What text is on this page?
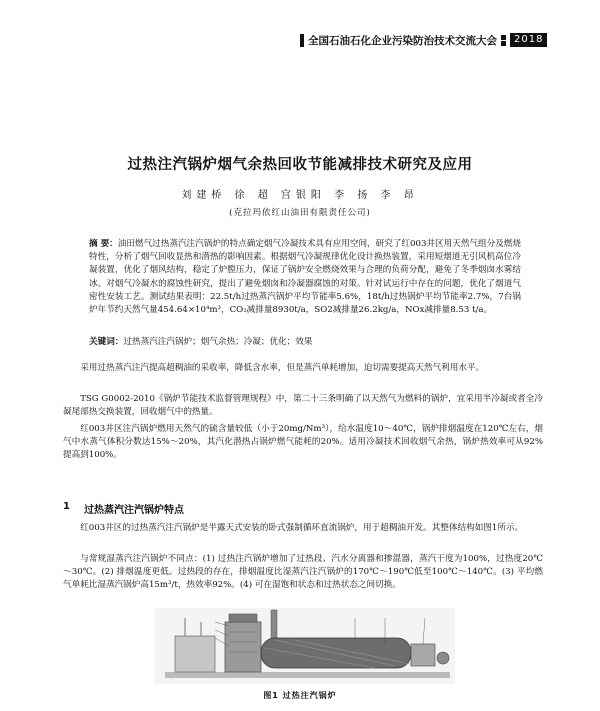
全国石油石化企业污染防治技术交流大会	2018
过热注汽锅炉烟气余热回收节能减排技术研究及应用
刘建桥 徐 超 宫银阳 李 扬 李 昂
(克拉玛依红山油田有限责任公司)
摘 要：油田燃气过热蒸汽注汽锅炉的特点确定烟气冷凝技术具有应用空间，研究了红003井区用天然气组分及燃烧特性，分析了烟气回收显热和潜热的影响因素。根据烟气冷凝规律优化设计换热装置，采用短烟道无引风机高位冷凝装置，优化了烟风结构，稳定了炉膛压力，保证了锅炉安全燃烧效果与合理的负荷分配，避免了冬季烟囱水雾结冰。对烟气冷凝水的腐蚀性研究，提出了避免烟囱和冷凝器腐蚀的对策。针对试运行中存在的问题，优化了烟道气密性安装工艺。测试结果表明：22.5t/h过热蒸汽锅炉平均节能率5.6%，18t/h过热锅炉平均节能率2.7%，7台锅炉年节约天然气量454.64×10⁴m³，CO₂减排量8930t/a，SO2减排量26.2kg/a，NOx减排量8.53 t/a。
关键词：过热蒸汽注汽锅炉；烟气余热；冷凝；优化；效果
采用过热蒸汽注汽提高超稠油的采收率，降低含水率，但是蒸汽单耗增加，迫切需要提高天然气利用水平。
TSG G0002-2010《锅炉节能技术监督管理规程》中，第二十三条明确了以天然气为燃料的锅炉，宜采用半冷凝或者全冷凝尾部热交换装置，回收烟气中的热量。
红003井区注汽锅炉燃用天然气的硫含量较低（小于20mg/Nm³），给水温度10～40℃，锅炉排烟温度在120℃左右，烟气中水蒸气体积分数达15%～20%，其汽化潜热占锅炉燃气能耗的20%。适用冷凝技术回收烟气余热，锅炉热效率可从92%提高到100%。
1 过热蒸汽注汽锅炉特点
红003井区的过热蒸汽注汽锅炉是半露天式安装的卧式强制循环直流锅炉，用于超稠油开发。其整体结构如图1所示。
与常规湿蒸汽注汽锅炉不同点：(1) 过热注汽锅炉增加了过热段、汽水分离器和掺混器，蒸汽干度为100%，过热度20℃～30℃。(2) 排烟温度更低。过热段的存在，排烟温度比湿蒸汽注汽锅炉的170℃～190℃低至100℃～140℃。(3) 平均燃气单耗比湿蒸汽锅炉高15m³/t，热效率92%。(4) 可在湿饱和状态和过热状态之间切换。
图1 过热注汽锅炉
